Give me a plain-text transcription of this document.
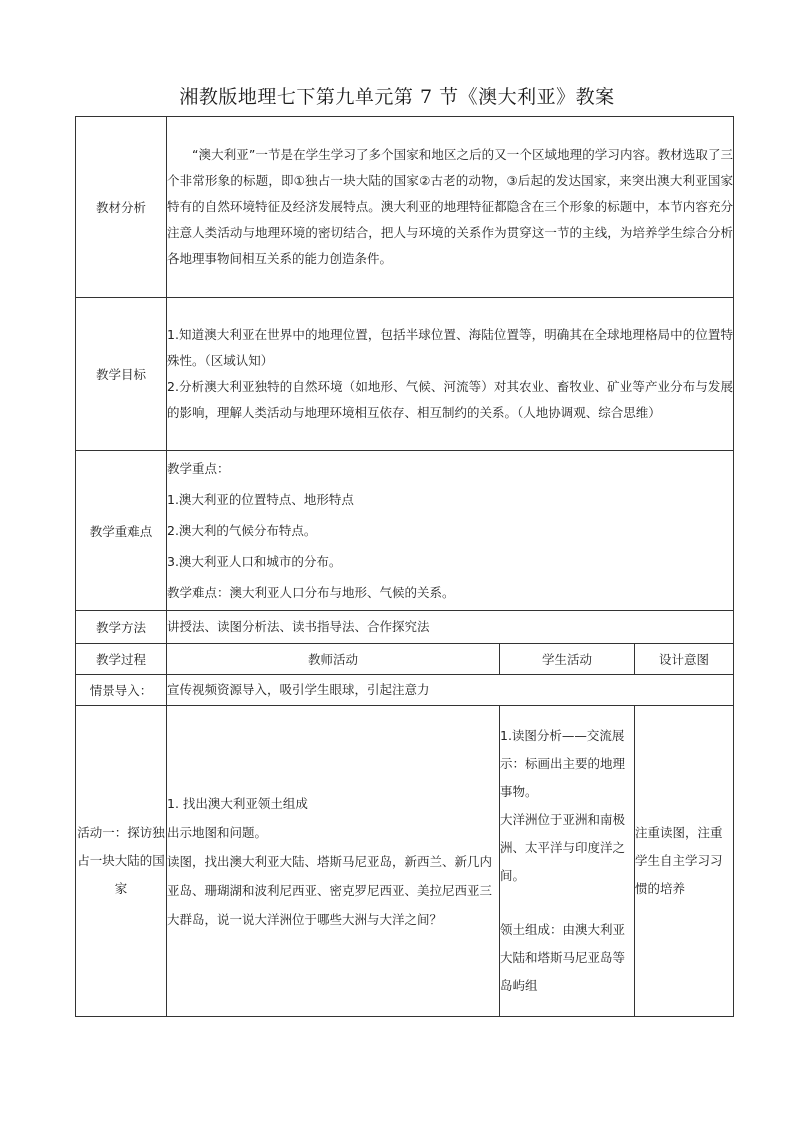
湘教版地理七下第九单元第 7 节《澳大利亚》教案
教材分析	“澳大利亚”一节是在学生学习了多个国家和地区之后的又一个区域地理的学习内容。教材选取了三个非常形象的标题，即①独占一块大陆的国家②古老的动物，③后起的发达国家，来突出澳大利亚国家特有的自然环境特征及经济发展特点。澳大利亚的地理特征都隐含在三个形象的标题中，本节内容充分注意人类活动与地理环境的密切结合，把人与环境的关系作为贯穿这一节的主线，为培养学生综合分析各地理事物间相互关系的能力创造条件。		

教学目标	1.知道澳大利亚在世界中的地理位置，包括半球位置、海陆位置等，明确其在全球地理格局中的位置特殊性。（区域认知）
2.分析澳大利亚独特的自然环境（如地形、气候、河流等）对其农业、畜牧业、矿业等产业分布与发展的影响，理解人类活动与地理环境相互依存、相互制约的关系。（人地协调观、综合思维）		

教学重难点	教学重点：
1.澳大利亚的位置特点、地形特点
2.澳大利的气候分布特点。
3.澳大利亚人口和城市的分布。
教学难点：澳大利亚人口分布与地形、气候的关系。		

教学方法	讲授法、读图分析法、读书指导法、合作探究法		
教学过程	教师活动	学生活动	设计意图
情景导入：	宣传视频资源导入，吸引学生眼球，引起注意力		
活动一：探访独占一块大陆的国家	1. 找出澳大利亚领土组成
出示地图和问题。
读图，找出澳大利亚大陆、塔斯马尼亚岛，新西兰、新几内亚岛、珊瑚湖和波利尼西亚、密克罗尼西亚、美拉尼西亚三大群岛，说一说大洋洲位于哪些大洲与大洋之间？	1.读图分析——交流展示：标画出主要的地理事物。
大洋洲位于亚洲和南极洲、太平洋与印度洋之间。
领土组成：由澳大利亚大陆和塔斯马尼亚岛等岛屿组	注重读图，注重学生自主学习习惯的培养
